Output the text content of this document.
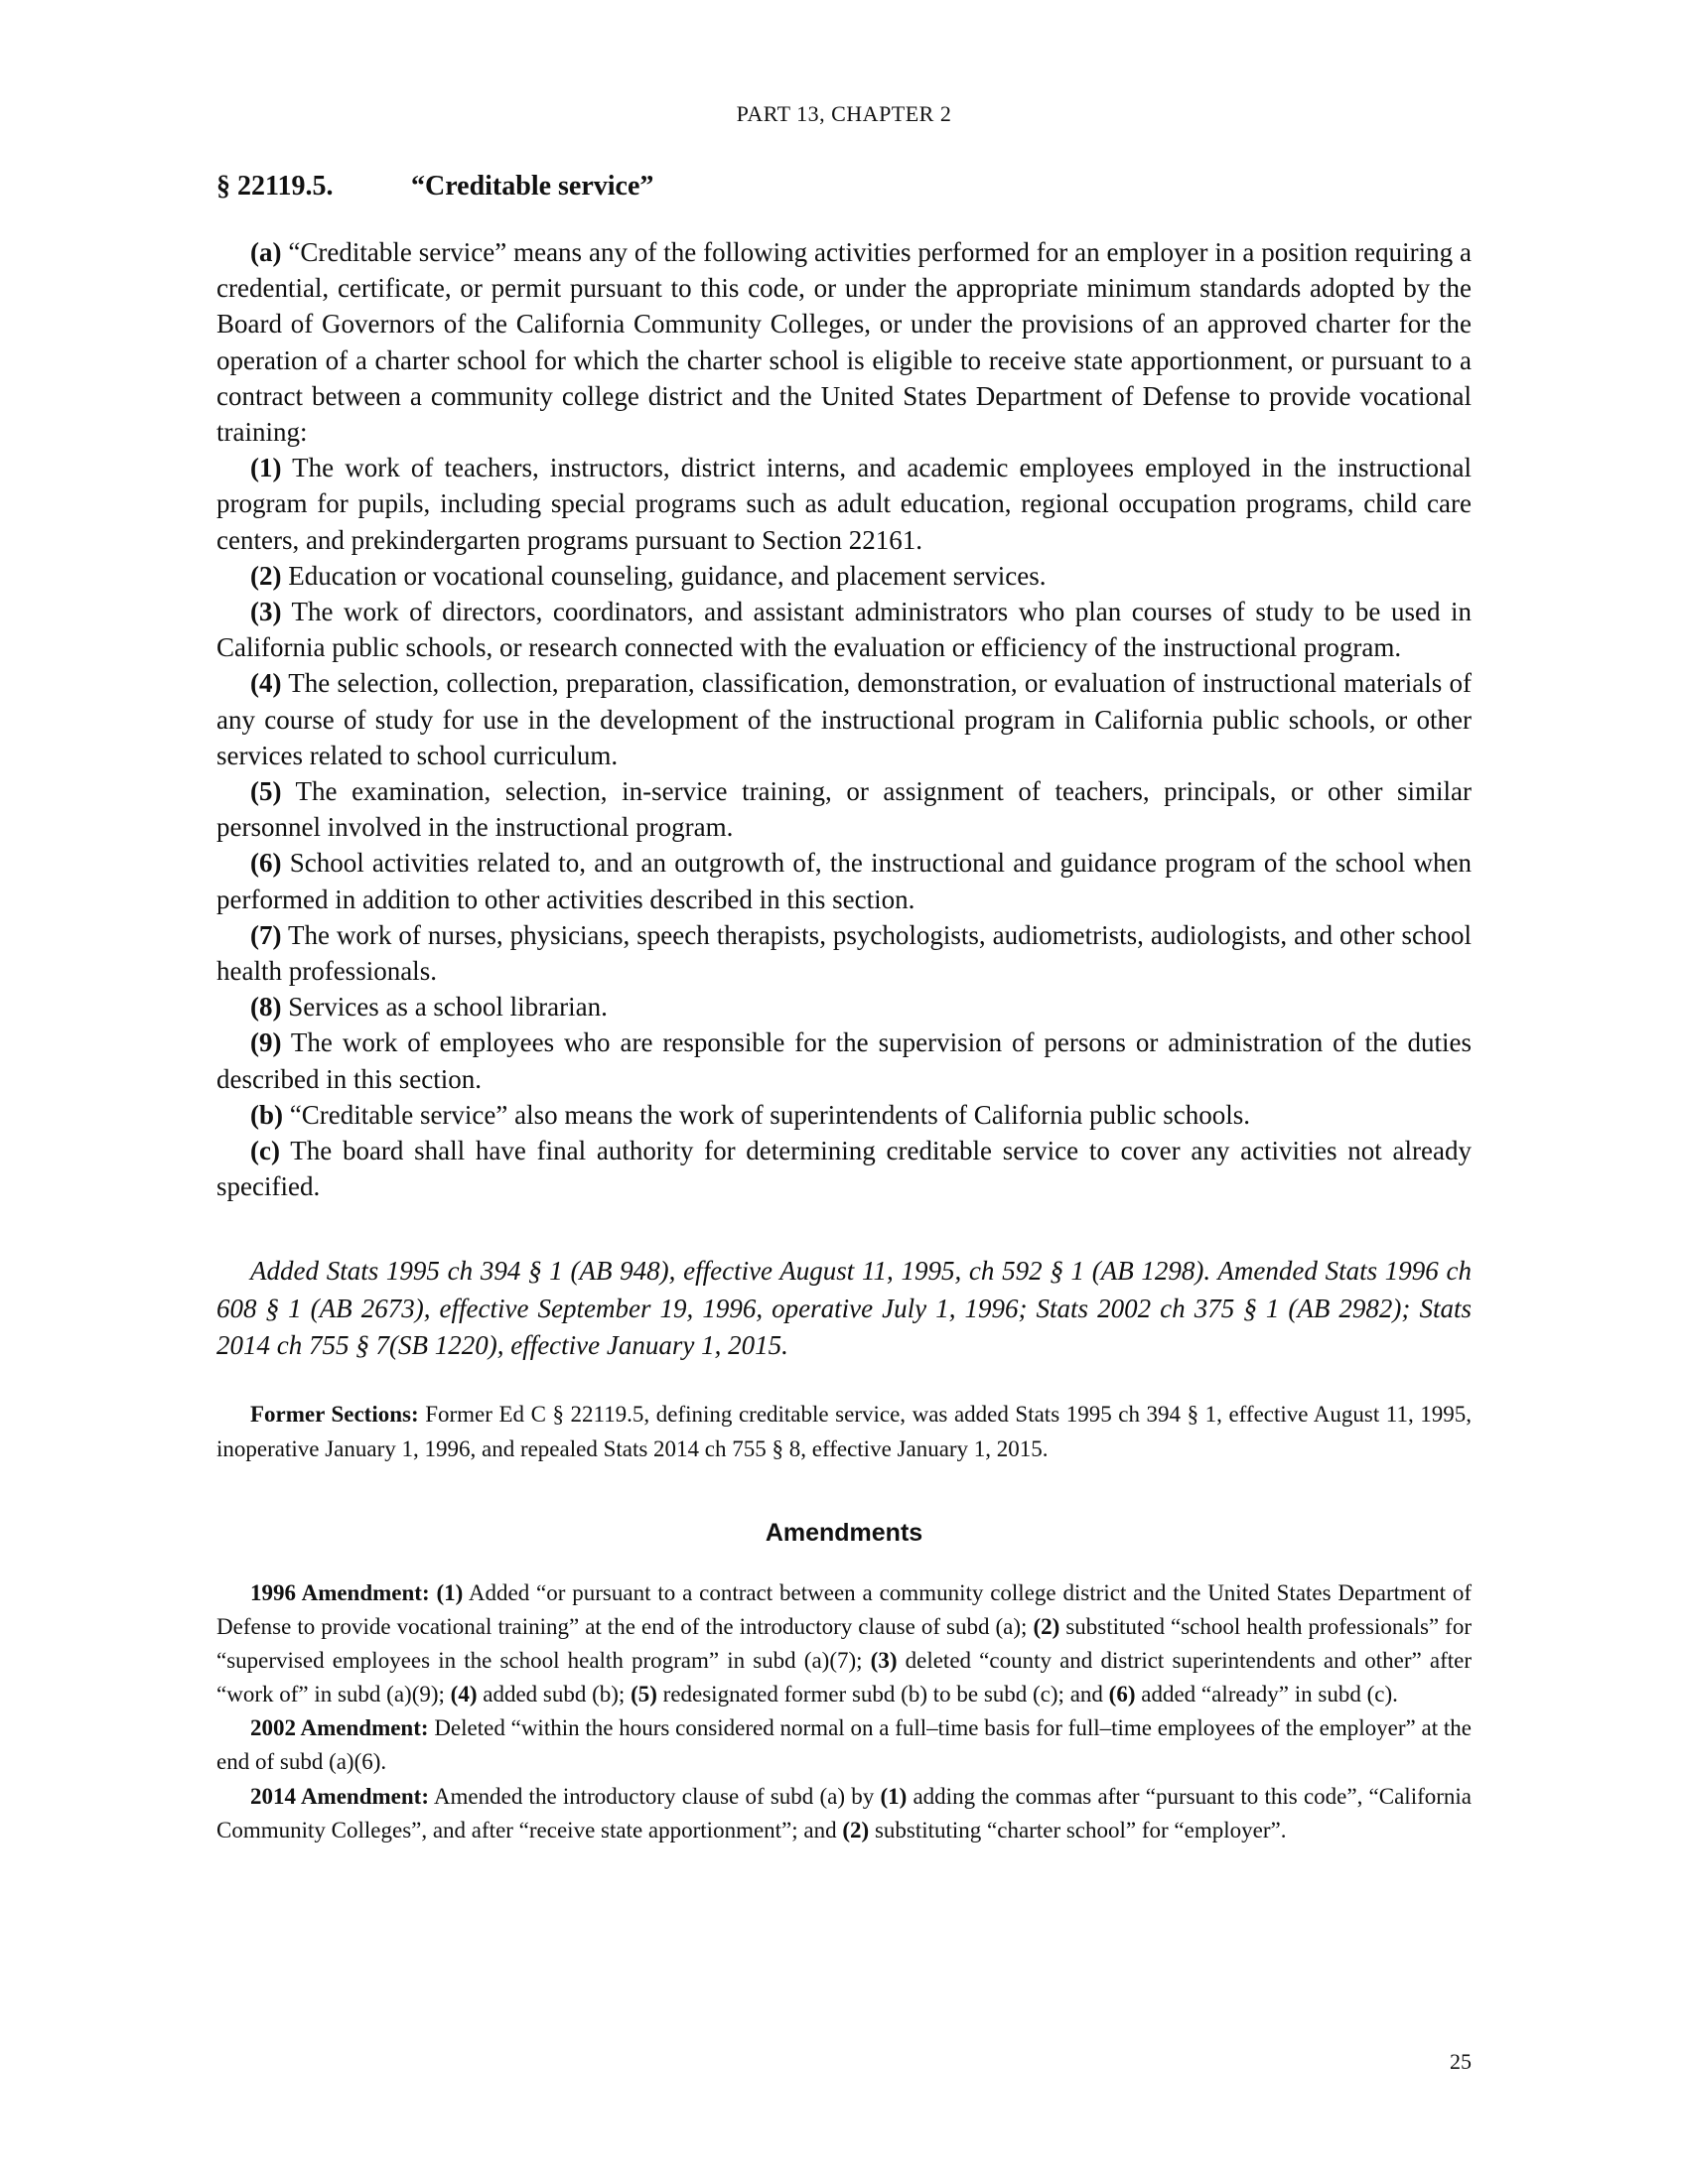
PART 13, CHAPTER 2
§ 22119.5.	“Creditable service”

(a) “Creditable service” means any of the following activities performed for an employer in a position requiring a credential, certificate, or permit pursuant to this code, or under the appropriate minimum standards adopted by the Board of Governors of the California Community Colleges, or under the provisions of an approved charter for the operation of a charter school for which the charter school is eligible to receive state apportionment, or pursuant to a contract between a community college district and the United States Department of Defense to provide vocational training:

(1) The work of teachers, instructors, district interns, and academic employees employed in the instructional program for pupils, including special programs such as adult education, regional occupation programs, child care centers, and prekindergarten programs pursuant to Section 22161.

(2) Education or vocational counseling, guidance, and placement services.

(3) The work of directors, coordinators, and assistant administrators who plan courses of study to be used in California public schools, or research connected with the evaluation or efficiency of the instructional program.

(4) The selection, collection, preparation, classification, demonstration, or evaluation of instructional materials of any course of study for use in the development of the instructional program in California public schools, or other services related to school curriculum.

(5) The examination, selection, in-service training, or assignment of teachers, principals, or other similar personnel involved in the instructional program.

(6) School activities related to, and an outgrowth of, the instructional and guidance program of the school when performed in addition to other activities described in this section.

(7) The work of nurses, physicians, speech therapists, psychologists, audiometrists, audiologists, and other school health professionals.

(8) Services as a school librarian.

(9) The work of employees who are responsible for the supervision of persons or administration of the duties described in this section.

(b) “Creditable service” also means the work of superintendents of California public schools.

(c) The board shall have final authority for determining creditable service to cover any activities not already specified.

Added Stats 1995 ch 394 § 1 (AB 948), effective August 11, 1995, ch 592 § 1 (AB 1298). Amended Stats 1996 ch 608 § 1 (AB 2673), effective September 19, 1996, operative July 1, 1996; Stats 2002 ch 375 § 1 (AB 2982); Stats 2014 ch 755 § 7(SB 1220), effective January 1, 2015.

Former Sections: Former Ed C § 22119.5, defining creditable service, was added Stats 1995 ch 394 § 1, effective August 11, 1995, inoperative January 1, 1996, and repealed Stats 2014 ch 755 § 8, effective January 1, 2015.

Amendments

1996 Amendment: (1) Added “or pursuant to a contract between a community college district and the United States Department of Defense to provide vocational training” at the end of the introductory clause of subd (a); (2) substituted “school health professionals” for “supervised employees in the school health program” in subd (a)(7); (3) deleted “county and district superintendents and other” after “work of” in subd (a)(9); (4) added subd (b); (5) redesignated former subd (b) to be subd (c); and (6) added “already” in subd (c).

2002 Amendment: Deleted “within the hours considered normal on a full–time basis for full–time employees of the employer” at the end of subd (a)(6).

2014 Amendment: Amended the introductory clause of subd (a) by (1) adding the commas after “pursuant to this code”, “California Community Colleges”, and after “receive state apportionment”; and (2) substituting “charter school” for “employer”.

25
